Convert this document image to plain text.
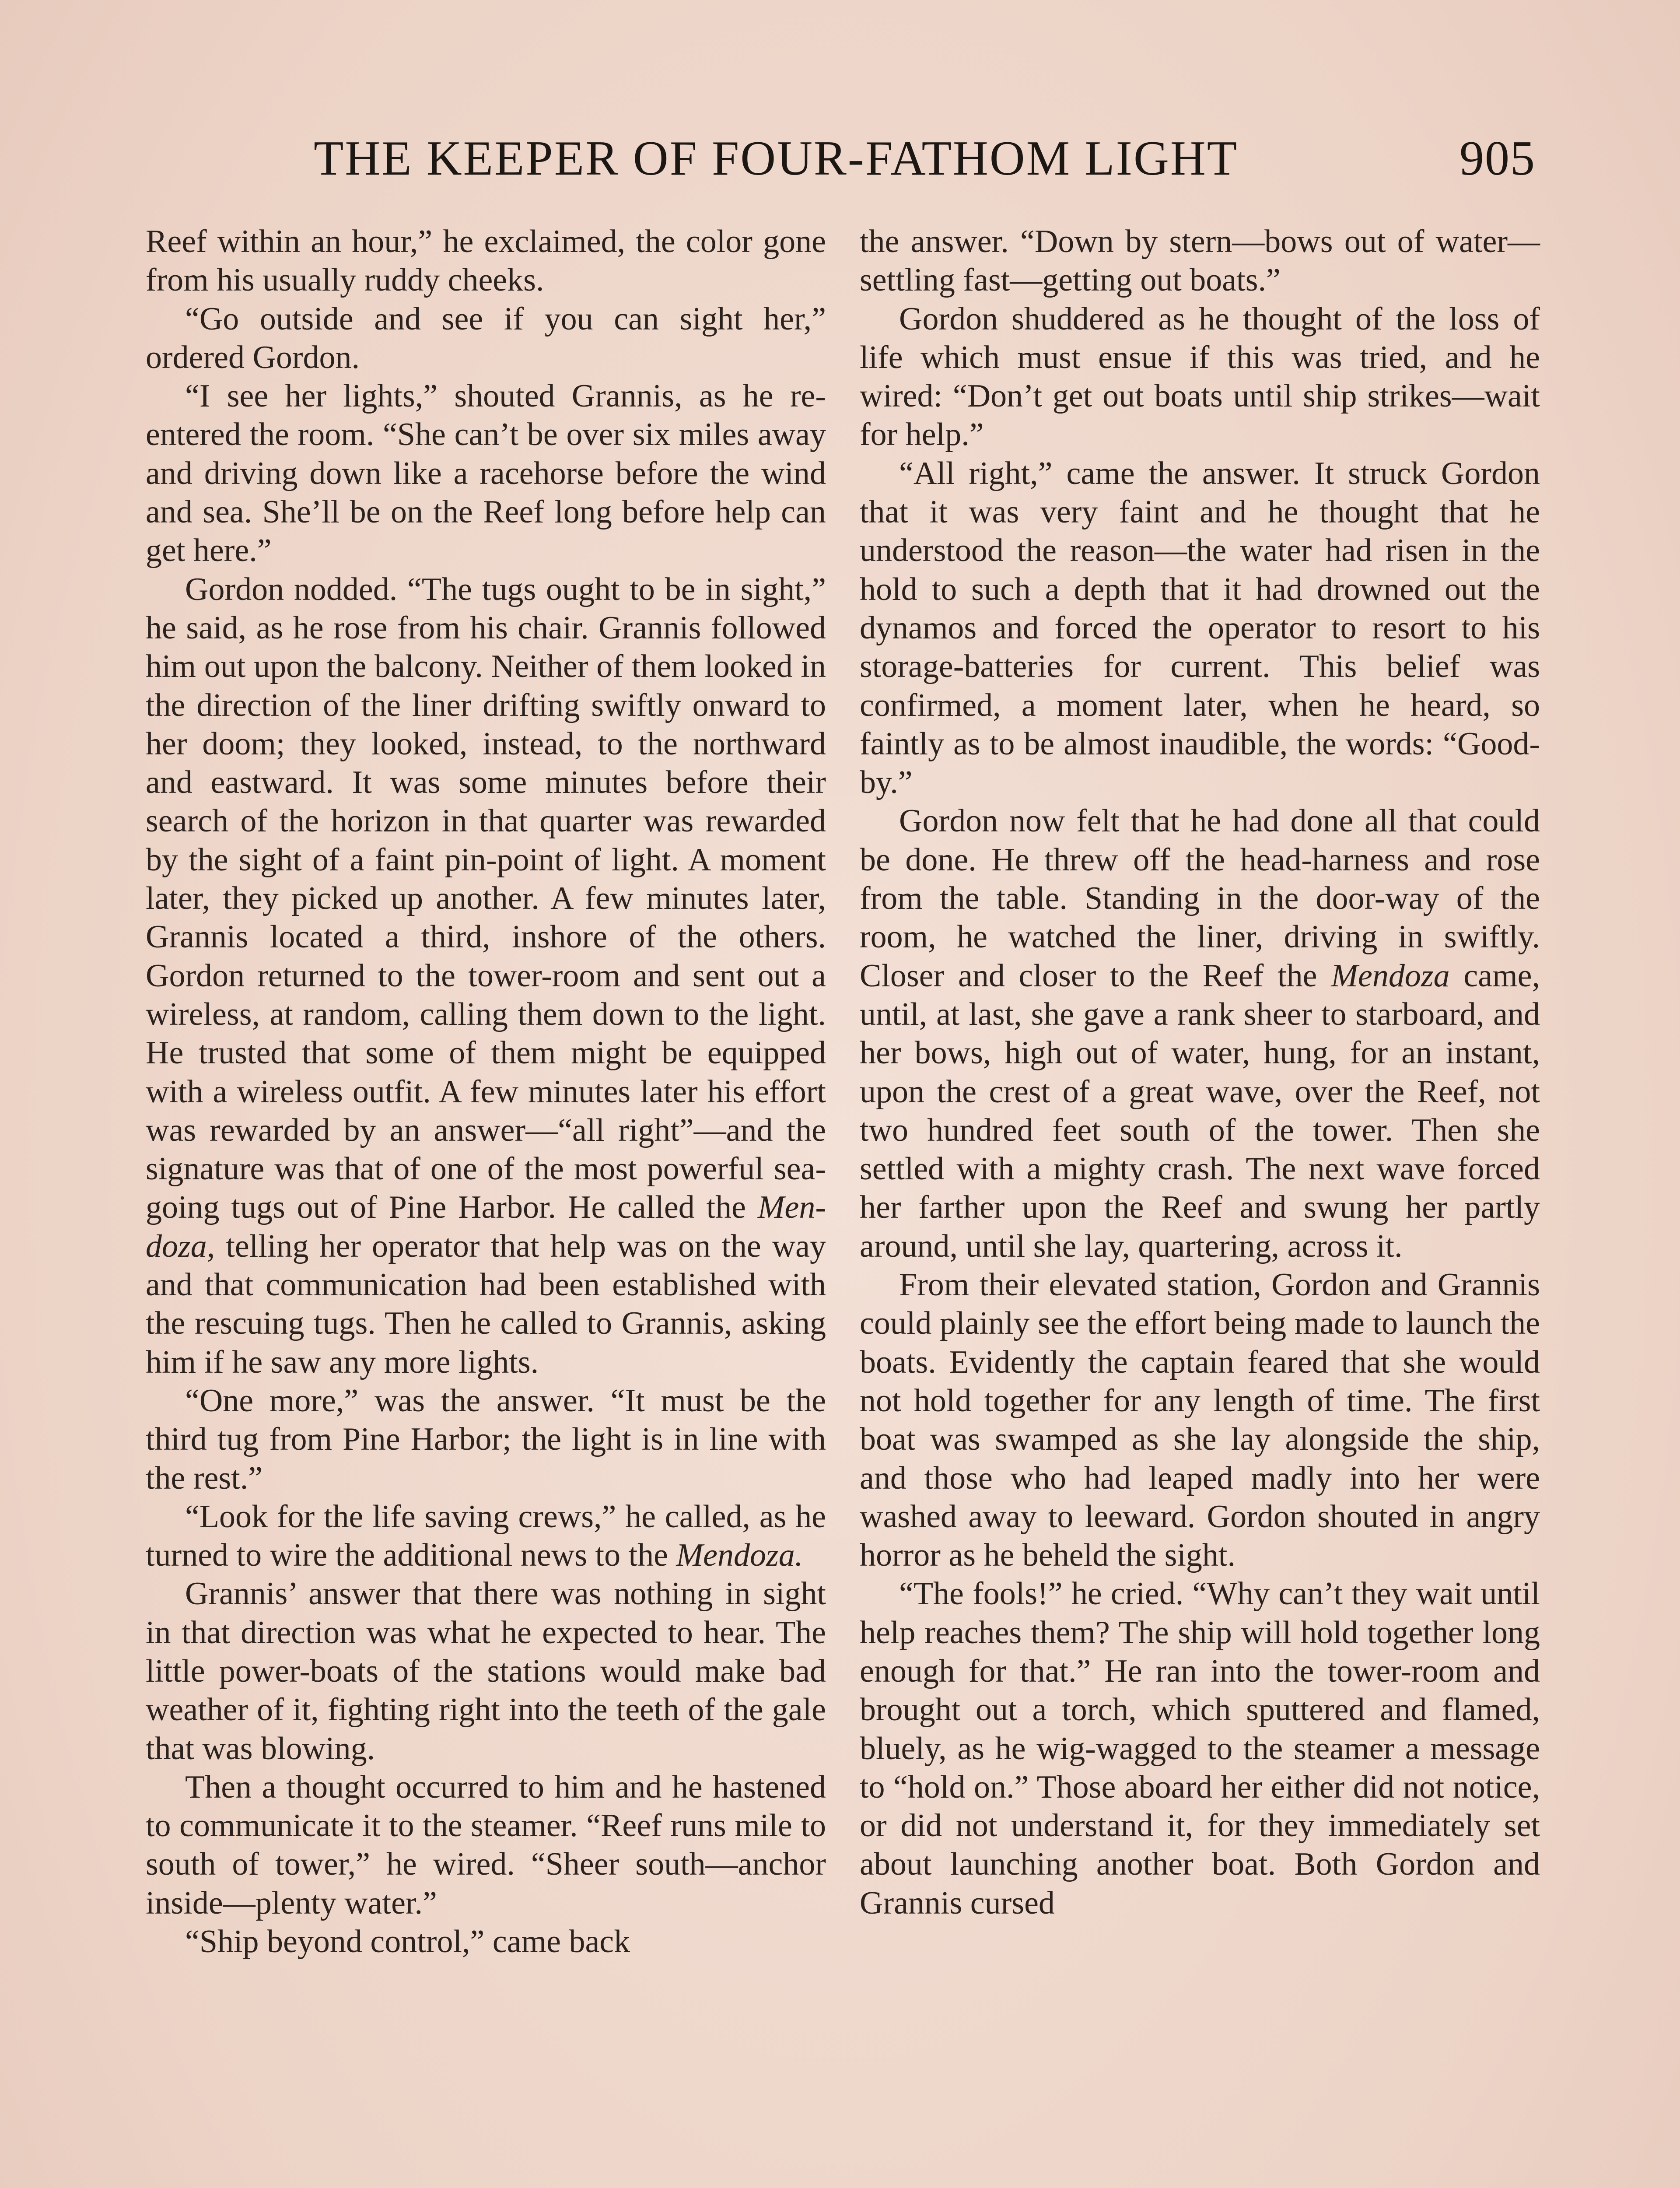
THE KEEPER OF FOUR-FATHOM LIGHT	905

Reef within an hour,” he exclaimed, the color gone from his usually ruddy cheeks.

“Go outside and see if you can sight her,” ordered Gordon.

“I see her lights,” shouted Grannis, as he re-entered the room. “She can’t be over six miles away and driving down like a racehorse before the wind and sea. She’ll be on the Reef long before help can get here.”

Gordon nodded. “The tugs ought to be in sight,” he said, as he rose from his chair. Grannis followed him out upon the balcony. Neither of them looked in the direction of the liner drifting swiftly onward to her doom; they looked, instead, to the northward and eastward. It was some minutes before their search of the horizon in that quarter was rewarded by the sight of a faint pin-point of light. A moment later, they picked up another. A few minutes later, Grannis located a third, inshore of the others. Gordon returned to the tower-room and sent out a wireless, at random, calling them down to the light. He trusted that some of them might be equipped with a wireless outfit. A few minutes later his effort was rewarded by an answer—“all right”—and the signature was that of one of the most powerful sea-going tugs out of Pine Harbor. He called the Mendoza, telling her operator that help was on the way and that communication had been established with the rescuing tugs. Then he called to Grannis, asking him if he saw any more lights.

“One more,” was the answer. “It must be the third tug from Pine Harbor; the light is in line with the rest.”

“Look for the life saving crews,” he called, as he turned to wire the additional news to the Mendoza.

Grannis’ answer that there was nothing in sight in that direction was what he expected to hear. The little power-boats of the stations would make bad weather of it, fighting right into the teeth of the gale that was blowing.

Then a thought occurred to him and he hastened to communicate it to the steamer. “Reef runs mile to south of tower,” he wired. “Sheer south—anchor inside—plenty water.”

“Ship beyond control,” came back

the answer. “Down by stern—bows out of water—settling fast—getting out boats.”

Gordon shuddered as he thought of the loss of life which must ensue if this was tried, and he wired: “Don’t get out boats until ship strikes—wait for help.”

“All right,” came the answer. It struck Gordon that it was very faint and he thought that he understood the reason—the water had risen in the hold to such a depth that it had drowned out the dynamos and forced the operator to resort to his storage-batteries for current. This belief was confirmed, a moment later, when he heard, so faintly as to be almost inaudible, the words: “Good-by.”

Gordon now felt that he had done all that could be done. He threw off the head-harness and rose from the table. Standing in the door-way of the room, he watched the liner, driving in swiftly. Closer and closer to the Reef the Mendoza came, until, at last, she gave a rank sheer to starboard, and her bows, high out of water, hung, for an instant, upon the crest of a great wave, over the Reef, not two hundred feet south of the tower. Then she settled with a mighty crash. The next wave forced her farther upon the Reef and swung her partly around, until she lay, quartering, across it.

From their elevated station, Gordon and Grannis could plainly see the effort being made to launch the boats. Evidently the captain feared that she would not hold together for any length of time. The first boat was swamped as she lay alongside the ship, and those who had leaped madly into her were washed away to leeward. Gordon shouted in angry horror as he beheld the sight.

“The fools!” he cried. “Why can’t they wait until help reaches them? The ship will hold together long enough for that.” He ran into the tower-room and brought out a torch, which sputtered and flamed, bluely, as he wig-wagged to the steamer a message to “hold on.” Those aboard her either did not notice, or did not understand it, for they immediately set about launching another boat. Both Gordon and Grannis cursed
